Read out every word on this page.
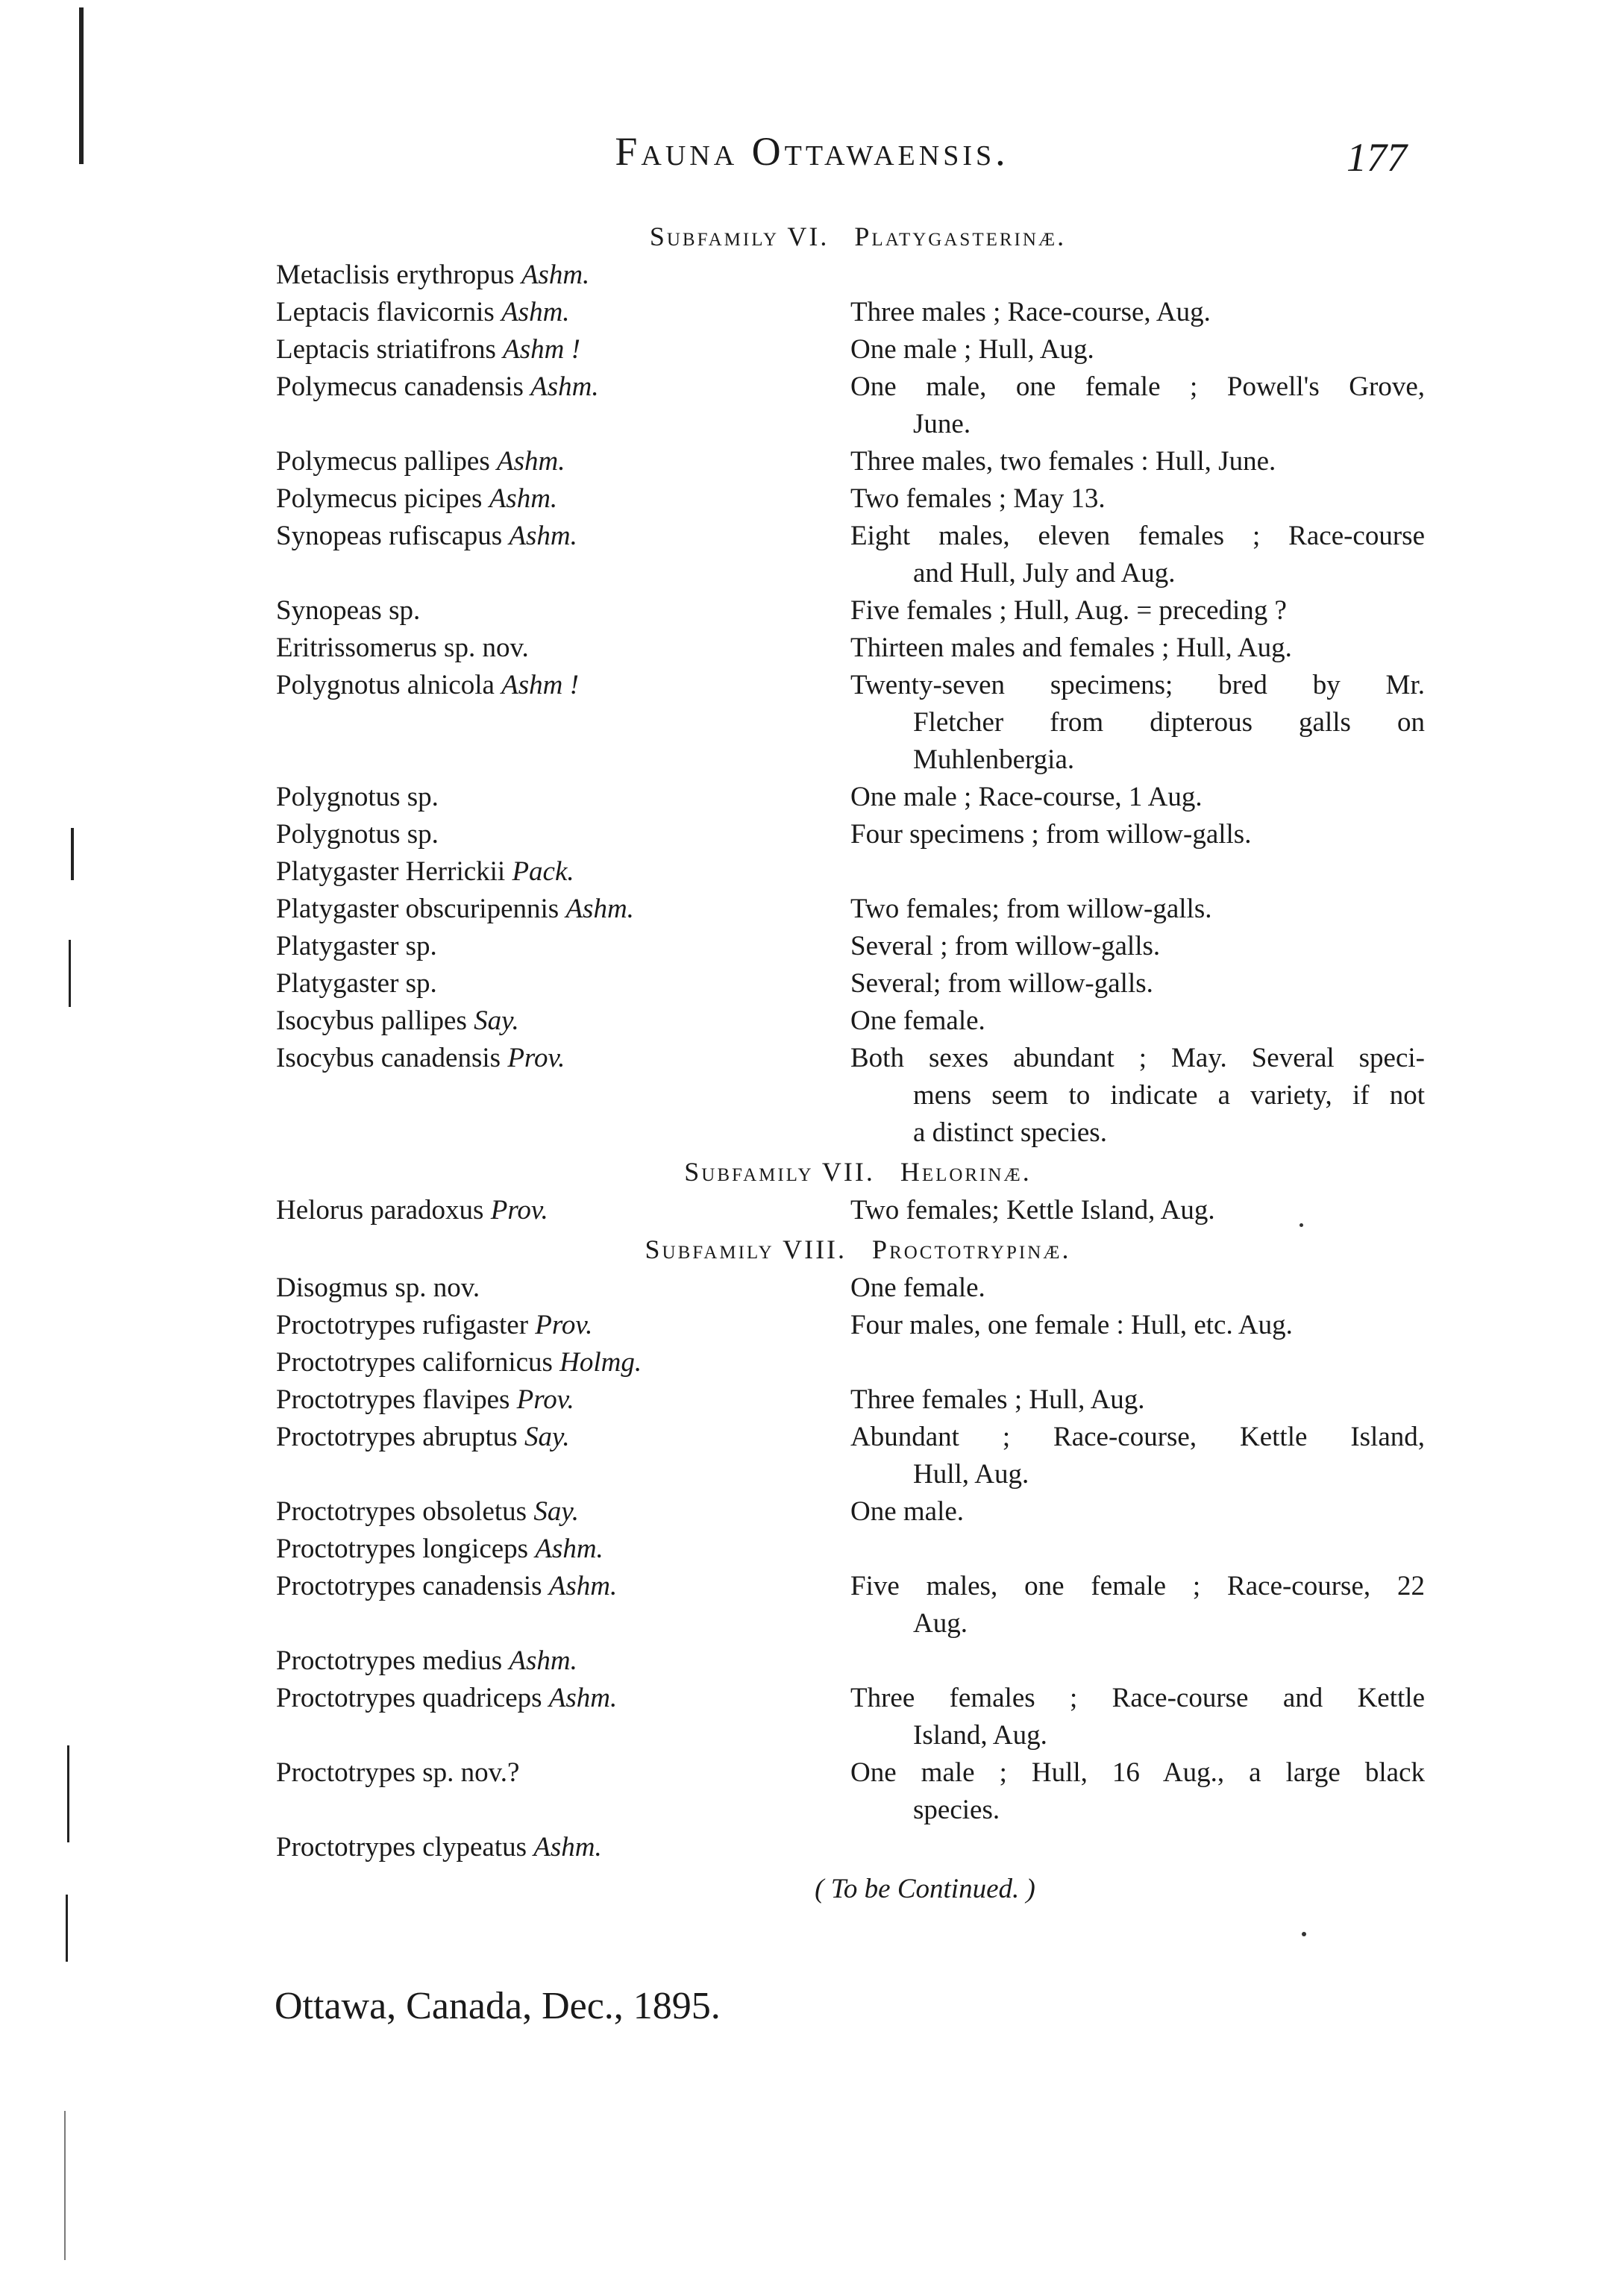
Fauna Ottawaensis.	177
Subfamily VI. Platygasterinæ.
Metaclisis erythropus Ashm.
Leptacis flavicornis Ashm.	Three males ; Race-course, Aug.
Leptacis striatifrons Ashm !	One male ; Hull, Aug.
Polymecus canadensis Ashm.	One male, one female ; Powell's Grove,
June.
Polymecus pallipes Ashm.	Three males, two females : Hull, June.
Polymecus picipes Ashm.	Two females ; May 13.
Synopeas rufiscapus Ashm.	Eight males, eleven females ; Race-course
and Hull, July and Aug.
Synopeas sp.	Five females ; Hull, Aug. = preceding ?
Eritrissomerus sp. nov.	Thirteen males and females ; Hull, Aug.
Polygnotus alnicola Ashm !	Twenty-seven specimens; bred by Mr.
Fletcher from dipterous galls on
Muhlenbergia.
Polygnotus sp.	One male ; Race-course, 1 Aug.
Polygnotus sp.	Four specimens ; from willow-galls.
Platygaster Herrickii Pack.
Platygaster obscuripennis Ashm.	Two females; from willow-galls.
Platygaster sp.	Several ; from willow-galls.
Platygaster sp.	Several; from willow-galls.
Isocybus pallipes Say.	One female.
Isocybus canadensis Prov.	Both sexes abundant ; May. Several speci-
mens seem to indicate a variety, if not
a distinct species.
Subfamily VII. Helorinæ.
Helorus paradoxus Prov.	Two females; Kettle Island, Aug.
Subfamily VIII. Proctotrypinæ.
Disogmus sp. nov.	One female.
Proctotrypes rufigaster Prov.	Four males, one female : Hull, etc. Aug.
Proctotrypes californicus Holmg.
Proctotrypes flavipes Prov.	Three females ; Hull, Aug.
Proctotrypes abruptus Say.	Abundant ; Race-course, Kettle Island,
Hull, Aug.
Proctotrypes obsoletus Say.	One male.
Proctotrypes longiceps Ashm.
Proctotrypes canadensis Ashm.	Five males, one female ; Race-course, 22
Aug.
Proctotrypes medius Ashm.
Proctotrypes quadriceps Ashm.	Three females ; Race-course and Kettle
Island, Aug.
Proctotrypes sp. nov.?	One male ; Hull, 16 Aug., a large black
species.
Proctotrypes clypeatus Ashm.
( To be Continued. )
Ottawa, Canada, Dec., 1895.
